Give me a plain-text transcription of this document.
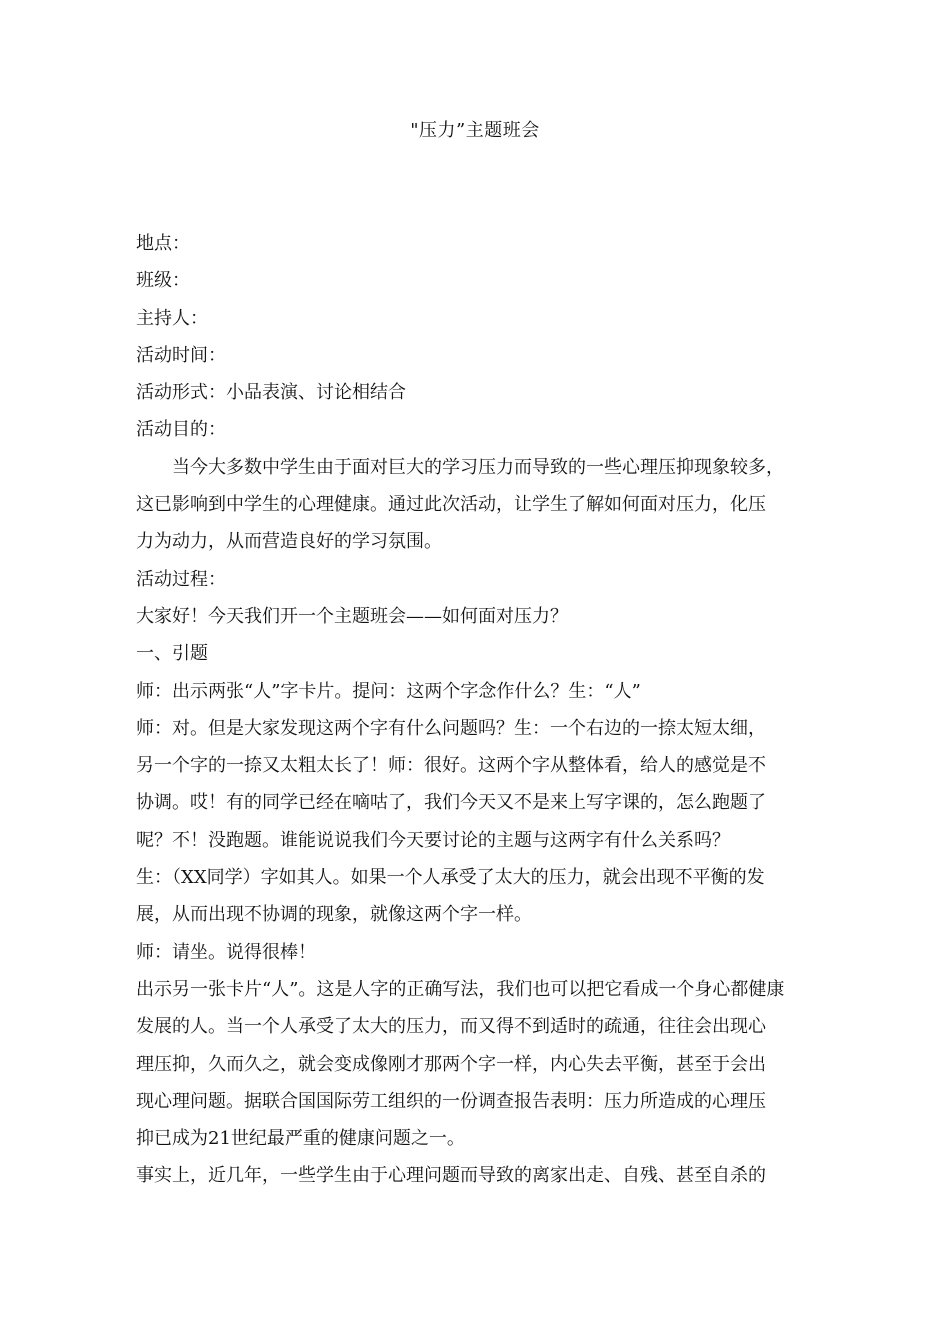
"压力”主题班会
地点：
班级：
主持人：
活动时间：
活动形式：小品表演、讨论相结合
活动目的：
当今大多数中学生由于面对巨大的学习压力而导致的一些心理压抑现象较多，
这已影响到中学生的心理健康。通过此次活动，让学生了解如何面对压力，化压
力为动力，从而营造良好的学习氛围。
活动过程：
大家好！今天我们开一个主题班会——如何面对压力？
一、引题
师：出示两张“人”字卡片。提问：这两个字念作什么？生：“人”
师：对。但是大家发现这两个字有什么问题吗？生：一个右边的一捺太短太细，
另一个字的一捺又太粗太长了！师：很好。这两个字从整体看，给人的感觉是不
协调。哎！有的同学已经在嘀咕了，我们今天又不是来上写字课的，怎么跑题了
呢？不！没跑题。谁能说说我们今天要讨论的主题与这两字有什么关系吗？
生：（XX同学）字如其人。如果一个人承受了太大的压力，就会出现不平衡的发
展，从而出现不协调的现象，就像这两个字一样。
师：请坐。说得很棒！
出示另一张卡片“人”。这是人字的正确写法，我们也可以把它看成一个身心都健康
发展的人。当一个人承受了太大的压力，而又得不到适时的疏通，往往会出现心
理压抑，久而久之，就会变成像刚才那两个字一样，内心失去平衡，甚至于会出
现心理问题。据联合国国际劳工组织的一份调查报告表明：压力所造成的心理压
抑已成为21世纪最严重的健康问题之一。
事实上，近几年，一些学生由于心理问题而导致的离家出走、自残、甚至自杀的
